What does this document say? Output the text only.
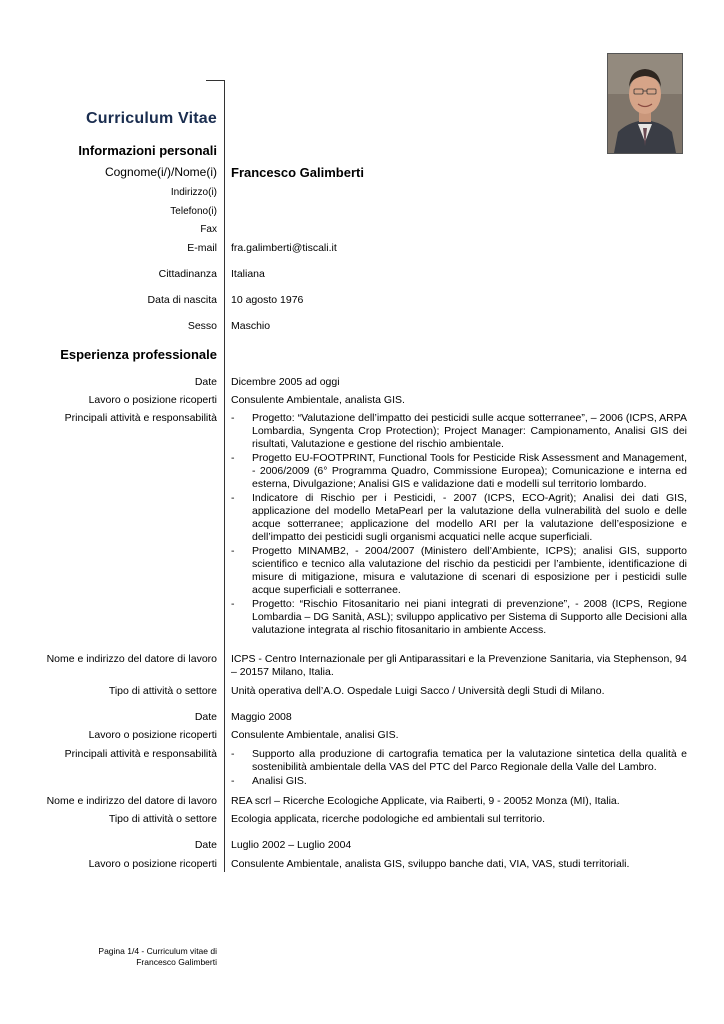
Curriculum Vitae
Informazioni personali
Cognome(i/)/Nome(i) Francesco Galimberti
Indirizzo(i)
Telefono(i)
Fax
E-mail fra.galimberti@tiscali.it
Cittadinanza Italiana
Data di nascita 10 agosto 1976
Sesso Maschio
Esperienza professionale
Date Dicembre 2005 ad oggi
Lavoro o posizione ricoperti Consulente Ambientale, analista GIS.
Principali attività e responsabilità	- Progetto: “Valutazione dell’impatto dei pesticidi sulle acque sotterranee”, – 2006 (ICPS, ARPA Lombardia, Syngenta Crop Protection); Project Manager: Campionamento, Analisi GIS dei risultati, Valutazione e gestione del rischio ambientale.
- Progetto EU-FOOTPRINT, Functional Tools for Pesticide Risk Assessment and Management, - 2006/2009 (6° Programma Quadro, Commissione Europea); Comunicazione e interna ed esterna, Divulgazione; Analisi GIS e validazione dati e modelli sul territorio lombardo.
- Indicatore di Rischio per i Pesticidi, - 2007 (ICPS, ECO-Agrit); Analisi dei dati GIS, applicazione del modello MetaPearl per la valutazione della vulnerabilità del suolo e delle acque sotterranee; applicazione del modello ARI per la valutazione dell’esposizione e dell’impatto dei pesticidi sugli organismi acquatici nelle acque superficiali.
- Progetto MINAMB2, - 2004/2007 (Ministero dell’Ambiente, ICPS); analisi GIS, supporto scientifico e tecnico alla valutazione del rischio da pesticidi per l’ambiente, identificazione di misure di mitigazione, misura e valutazione di scenari di esposizione per i pesticidi sulle acque superficiali e sotterranee.
- Progetto: “Rischio Fitosanitario nei piani integrati di prevenzione”, - 2008 (ICPS, Regione Lombardia – DG Sanità, ASL); sviluppo applicativo per Sistema di Supporto alle Decisioni alla valutazione integrata al rischio fitosanitario in ambiente Access.
Nome e indirizzo del datore di lavoro ICPS - Centro Internazionale per gli Antiparassitari e la Prevenzione Sanitaria, via Stephenson, 94 – 20157 Milano, Italia.
Tipo di attività o settore Unità operativa dell’A.O. Ospedale Luigi Sacco / Università degli Studi di Milano.
Date Maggio 2008
Lavoro o posizione ricoperti Consulente Ambientale, analisi GIS.
Principali attività e responsabilità	- Supporto alla produzione di cartografia tematica per la valutazione sintetica della qualità e sostenibilità ambientale della VAS del PTC del Parco Regionale della Valle del Lambro.
- Analisi GIS.
Nome e indirizzo del datore di lavoro REA scrl – Ricerche Ecologiche Applicate, via Raiberti, 9 - 20052 Monza (MI), Italia.
Tipo di attività o settore Ecologia applicata, ricerche podologiche ed ambientali sul territorio.
Date Luglio 2002 – Luglio 2004
Lavoro o posizione ricoperti Consulente Ambientale, analista GIS, sviluppo banche dati, VIA, VAS, studi territoriali.
Pagina 1/4 - Curriculum vitae di
Francesco Galimberti
